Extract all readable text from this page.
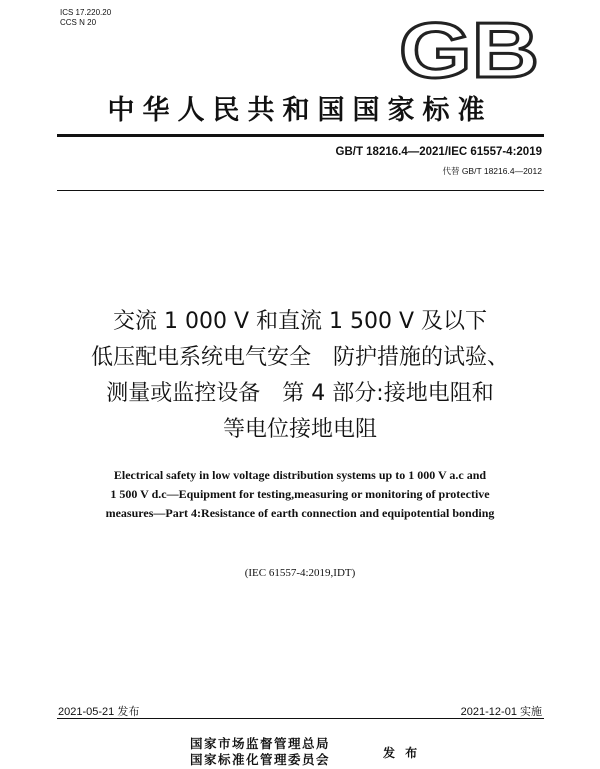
ICS 17.220.20
CCS N 20	GB
中华人民共和国国家标准
GB/T 18216.4—2021/IEC 61557-4:2019
代替 GB/T 18216.4—2012
交流 1 000 V 和直流 1 500 V 及以下
低压配电系统电气安全　防护措施的试验、
测量或监控设备　第 4 部分:接地电阻和
等电位接地电阻
Electrical safety in low voltage distribution systems up to 1 000 V a.c and
1 500 V d.c—Equipment for testing,measuring or monitoring of protective
measures—Part 4:Resistance of earth connection and equipotential bonding
(IEC 61557-4:2019,IDT)
2021-05-21 发布	2021-12-01 实施
国家市场监督管理总局
国家标准化管理委员会	发 布
